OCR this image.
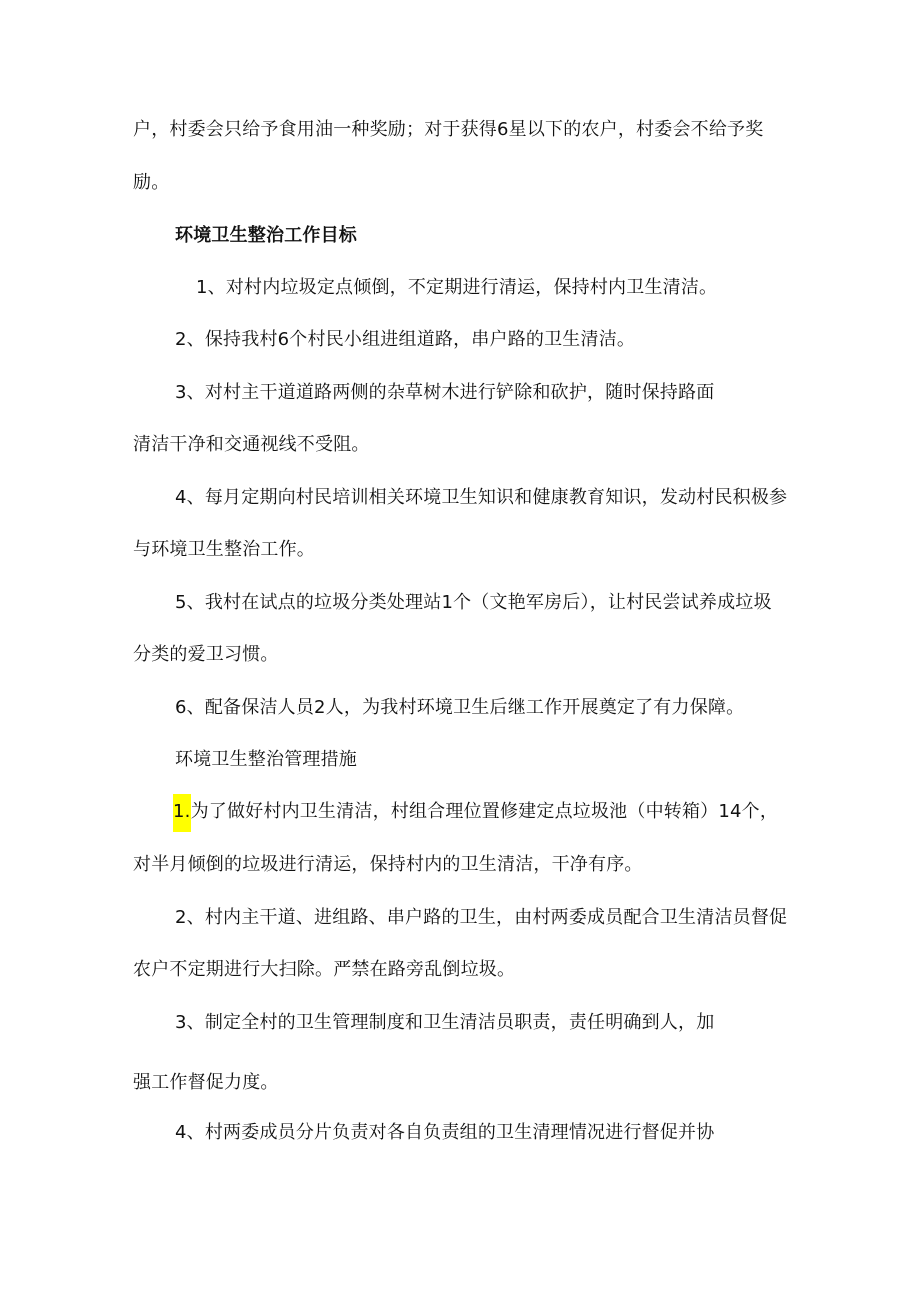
户，村委会只给予食用油一种奖励；对于获得6星以下的农户，村委会不给予奖
励。
环境卫生整治工作目标
1、对村内垃圾定点倾倒，不定期进行清运，保持村内卫生清洁。
2、保持我村6个村民小组进组道路，串户路的卫生清洁。
3、对村主干道道路两侧的杂草树木进行铲除和砍护，随时保持路面
清洁干净和交通视线不受阻。
4、每月定期向村民培训相关环境卫生知识和健康教育知识，发动村民积极参
与环境卫生整治工作。
5、我村在试点的垃圾分类处理站1个（文艳军房后），让村民尝试养成垃圾
分类的爱卫习惯。
6、配备保洁人员2人，为我村环境卫生后继工作开展奠定了有力保障。
环境卫生整治管理措施
1.为了做好村内卫生清洁，村组合理位置修建定点垃圾池（中转箱）14个，
对半月倾倒的垃圾进行清运，保持村内的卫生清洁，干净有序。
2、村内主干道、进组路、串户路的卫生，由村两委成员配合卫生清洁员督促
农户不定期进行大扫除。严禁在路旁乱倒垃圾。
3、制定全村的卫生管理制度和卫生清洁员职责，责任明确到人，加
强工作督促力度。
4、村两委成员分片负责对各自负责组的卫生清理情况进行督促并协
